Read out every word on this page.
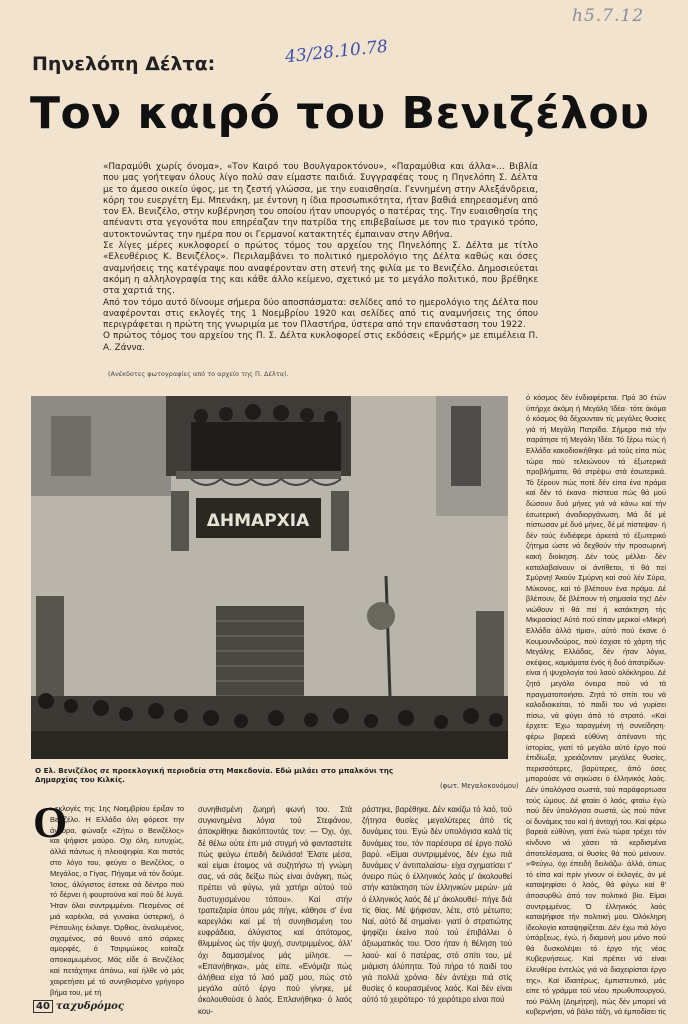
h5.7.12
43/28.10.78
Πηνελόπη Δέλτα:
Τον καιρό του Βενιζέλου

«Παραμύθι χωρίς όνομα», «Τον Καιρό του Βουλγαροκτόνου», «Παραμύθια και άλλα»... Βιβλία που μας γοήτεψαν όλους λίγο πολύ σαν είμαστε παιδιά. Συγγραφέας τους η Πηνελόπη Σ. Δέλτα με το άμεσο οικείο ύφος, με τη ζεστή γλώσσα, με την ευαισθησία. Γεννημένη στην Αλεξάνδρεια, κόρη του ευεργέτη Εμ. Μπενάκη, με έντονη η ίδια προσωπικότητα, ήταν βαθιά επηρεασμένη από τον Ελ. Βενιζέλο, στην κυβέρνηση του οποίου ήταν υπουργός ο πατέρας της. Την ευαισθησία της απέναντι στα γεγονότα που επηρέαζαν την πατρίδα της επιβεβαίωσε με τον πιο τραγικό τρόπο, αυτοκτονώντας την ημέρα που οι Γερμανοί κατακτητές έμπαιναν στην Αθήνα.

Σε λίγες μέρες κυκλοφορεί ο πρώτος τόμος του αρχείου της Πηνελόπης Σ. Δέλτα με τίτλο «Ελευθέριος Κ. Βενιζέλος». Περιλαμβάνει το πολιτικό ημερολόγιο της Δέλτα καθώς και όσες αναμνήσεις της κατέγραψε που αναφέρονταν στη στενή της φιλία με το Βενιζέλο. Δημοσιεύεται ακόμη η αλληλογραφία της και κάθε άλλο κείμενο, σχετικό με το μεγάλο πολιτικό, που βρέθηκε στα χαρτιά της.

Από τον τόμο αυτό δίνουμε σήμερα δύο αποσπάσματα: σελίδες από το ημερολόγιο της Δέλτα που αναφέρονται στις εκλογές της 1 Νοεμβρίου 1920 και σελίδες από τις αναμνήσεις της όπου περιγράφεται η πρώτη της γνωριμία με τον Πλαστήρα, ύστερα από την επανάσταση του 1922.

Ο πρώτος τόμος του αρχείου της Π. Σ. Δέλτα κυκλοφορεί στις εκδόσεις «Ερμής» με επιμέλεια Π. Α. Ζάννα.

(Ανέκδοτες φωτογραφίες από το αρχείο της Π. Δέλτα).
ΔΗΜΑΡΧΙΑ
Ο Ελ. Βενιζέλος σε προεκλογική περιοδεία στη Μακεδονία. Εδώ μιλάει στο μπαλκόνι της Δημαρχίας του Κιλκίς.
(φωτ. Μεγαλοκονόμου)
Ο

ι εκλογές της 1ης Νοεμβρίου έριξαν το Βενιζέλο. Η Ελλάδα όλη φόρεσε την άγκυρα, φώναξε «Ζήτω ο Βενιζέλος» και ψήφισε μαύρο. Οχι όλη, ευτυχώς, άλλά πάντως ή πλειοψηφία. Και πιστός στο λόγο του, φεύγει ο Βενιζέλος, ο Μεγάλος, ο Γίγας. Πήγαμε νά τόν δούμε. Ίσιος, άλύγιστος έστεκε σά δέντρο πού τό δέρνει ή φουρτούνα καί πού δέ λυγά. Ήταν όλοι συντριμμένοι. Πεσμένος σέ μιά καρέκλα, σά γυναίκα ύστερική, ό Ρέπουλης έκλαιγε. Όρθιος, άναλυμένος, σιχαμένος, σά θουνό από σάρκες αμορφές, ό Τσιριμώκος κοίταζε αποκαμωμένος. Μάς είδε ό Βενιζέλος καί πετάχτηκε άπάνω, καί ήλθε νά μάς χαιρετήσει μέ τό συνηθισμένο γρήγορο βήμα του, μέ τή

συνηθισμένη ζωηρή φωνή του. Στά συγκινημένα λόγια τού Στεφάνου, άποκρίθηκε διακόπτοντάς τον: — Όχι, όχι, δέ θέλω ούτε έπι μιά στιγμή νά φανταστείτε πώς φεύγω έπειδή δειλιάσα! Έλατε μέσα, καί είμαι έτοιμος νά συζητήσω τή γνώμη σας, νά σάς δείξω πώς είναι άνάγκη, πώς πρέπει νά φύγω, γιά χατήρι αύτού τού δυστυχισμένου τόπου». Καί στήν τραπεζαρία όπου μάς πήγε, κάθησε σ' ένα καρεγλάκι καί μέ τή συνηθισμένη του ευφράδεια, άλύγιστος καί άπότομος, θλιμμένος ώς τήν ψυχή, συντριμμένος, άλλ' όχι δαμασμένος μάς μίλησε. — «Επανήθηκα», μάς είπε. «Ενόμιζα πώς άλήθεια είχα τό λαό μαζί μου, πώς στό μεγάλο αύτό έργο πού γίνηκε, μέ άκολουθούσε ό λαός. Επλανήθηκα· ό λαός κου-

ράστηκε, βαρέθηκε. Δέν κακίζω τό λαό, τού ζήτησα θυσίες μεγαλύτερες άπό τίς δυνάμεις του. Έγώ δέν υπολόγισα καλά τίς δυνάμεις του, τόν παρέσυρα σέ έργο πολύ βαρύ. «Είμαι συντριμμένος, δέν έχω πιά δυνάμεις ν' άντιπαλαίσω· είχα σχηματίσει τ' όνειρο πώς ό έλληνικός λαός μ' άκολουθεί στήν κατάκτηση τών έλληνικών μερών· μά ό έλληνικός λαός δέ μ' άκολουθεί· πήγε διά τίς θίας. Μέ ψήφισαν, λέτε, στό μέτωπο; Ναί, αύτό δέ σημαίνει· γιατί ό στρατιώτης ψηφίζει έκείνο πού τού έπιβάλλει ό άξιωματικός του. Όσο ήταν ή θέληση τού λαού· καί ό πατέρας, στό σπίτι του, μέ μιάμιση άλύπητα. Τού πήρα τό παιδί του γιά πολλά χρόνια· δέν άντέχει πιά στίς θυσίες ό κουρασμένος λαός. Καί δέν είναι αύτό τό χειρότερο· τό χειρότερο είναι πού

ό κόσμος δέν ένδιαφέρεται. Πρό 30 έτών ύπήρχε άκόμη ή Μεγάλη Ίδέα· τότε άκόμα ό κόσμος θά δέχουνταν τίς μεγάλες θυσίες γιά τή Μεγάλη Πατρίδα. Σήμερα πιά τήν παράτησε τή Μεγάλη Ίδέα. Τό ξέρω πώς ή Ελλάδα κακοδιοικήθηκε· μά τούς είπα πώς τώρα πού τελειώνουν τά έξωτερικά προβλήματα, θά στρέψω στά έσωτερικά. Τό ξέρουν πώς ποτέ δέν είπα ένα πράμα καί δέν τό έκανα· πίστευα πώς θά μού δώσουν δυό μήνες γιά νά κάνω καί τήν έσωτερική άναδιοργάνωση. Μά δέ μέ πίστωσαν μέ δυό μήνες, δέ μέ πίστεψαν· ή δέν τούς ένδιέφερε άρκετά τό έξωτερικό ζήτημα ώστε νά δεχθούν τήν προσωρινή κακή διοίκηση. Δέν τούς μέλλει· δέν καταλαβαίνουν οί άντίθετοι, τί θά πεί Σμύρνη! Άκούν Σμύρνη καί σού λέν Σύρα, Μύκονος, καί τό βλέπουν ένα πράμα. Δέ βλέπουν, δέ βλέπουν τή σημασία της! Δέν νιώθουν τί θά πεί ή κατάκτηση τής Μικρασίας! Αύτό πού είπαν μερικοί «Μικρή Ελλάδα άλλά τίμια», αύτό πού έκανε ό Κουμουνδούρος, πού έσχισε τό χάρτη τής Μεγάλης Ελλάδας, δέν ήταν λόγια, σκέψεις, καμιάματα ένός ή δυό άπατρίδων· είναι ή ψυχολογία τού λαού ολόκληρου. Δέ ζητά μεγάλα όνειρα πού νά τά πραγματοποιήσει. Ζητά τό σπίτι του νά καλοδιοικείται, τό παιδί του νά γυρίσει πίσω, νά φύγει άπό τό στρατό. «Καί έρχετε: Έχω ταραγμένη τή συνείδηση· φέρω βαρειά εύθύνη άπέναντι τής ίστορίας, γιατί τό μεγάλο αύτό έργο πού έπιδίωξα, χρειάζονταν μεγάλες θυσίες, περισσότερες, βαρύτερες, άπό όσες μπορούσε νά σηκώσει ό έλληνικός λαός. Δέν ύπολόγισα σωστά, τού παράφορτωσα τούς ώμους. Δέ φταίει ό λαός, φταίω έγώ πού δέν ύπολόγισα σωστά, ώς πού πάνε οί δυνάμεις του καί ή άντοχή του. Καί φέρω βαρειά εύθύνη, γιατί ένώ τώρα τρέχει τόν κίνδυνο νά χάσει τά κερδισμένα άποτελέσματα, οί θυσίες θά πού μείνουν. «Φεύγω, όχι έπειδή δειλιάζω· άλλά, όπως τό είπα καί πρίν γίνουν οί έκλογές, άν μέ καταψηφίσει ό λαός, θά φύγω καί θ' άποσυρθώ άπό τον πολιτικό βίο. Είμαι συντριμμένος. Ό έλληνικός λαός καταψήφισε τήν πολιτική μου. Όλόκληρη ίδεολογία καταψηφίζεται. Δέν έχω πιά λόγο ύπάρξεως, έγώ, ή διαμονή μου μόνο πού θά δυσκολέψει τό έργο τής νέας Κυβερνήσεως. Καί πρέπει νά είναι έλευθέρα έντελώς γιά νά διαχειρίσται έργο της». Καί ίδιαιτέρως, έμπιστευτικά, μάς είπε τό γράμμα τού νέου πρωθυπουργού, τού Ράλλη (Δημήτρη), πώς δέν μπορεί νά κυβερνήσει, νά βάλει τάξη, νά έμποδίσει τίς

40 ταχυδρόμος
